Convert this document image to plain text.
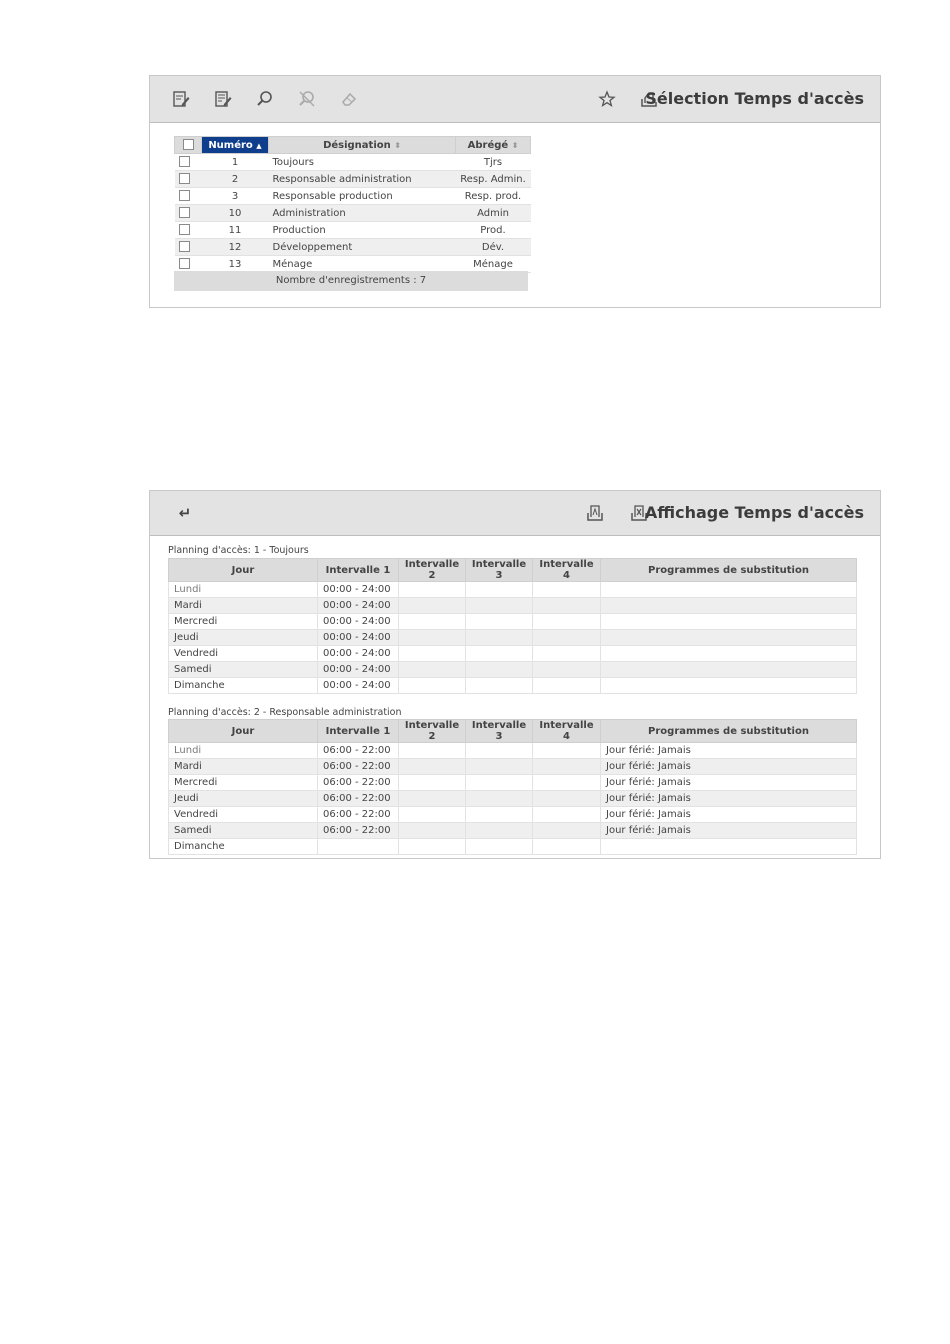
Sélection Temps d'accès
	Numéro ▲	Désignation ⬍	Abrégé ⬍
	1	Toujours	Tjrs
	2	Responsable administration	Resp. Admin.
	3	Responsable production	Resp. prod.
	10	Administration	Admin
	11	Production	Prod.
	12	Développement	Dév.
	13	Ménage	Ménage
Nombre d'enregistrements : 7
↵	Affichage Temps d'accès
Planning d'accès: 1 - Toujours
Jour	Intervalle 1	Intervalle 2	Intervalle 3	Intervalle 4	Programmes de substitution
Lundi	00:00 - 24:00				
Mardi	00:00 - 24:00				
Mercredi	00:00 - 24:00				
Jeudi	00:00 - 24:00				
Vendredi	00:00 - 24:00				
Samedi	00:00 - 24:00				
Dimanche	00:00 - 24:00				
Planning d'accès: 2 - Responsable administration
Jour	Intervalle 1	Intervalle 2	Intervalle 3	Intervalle 4	Programmes de substitution
Lundi	06:00 - 22:00				Jour férié: Jamais
Mardi	06:00 - 22:00				Jour férié: Jamais
Mercredi	06:00 - 22:00				Jour férié: Jamais
Jeudi	06:00 - 22:00				Jour férié: Jamais
Vendredi	06:00 - 22:00				Jour férié: Jamais
Samedi	06:00 - 22:00				Jour férié: Jamais
Dimanche					
